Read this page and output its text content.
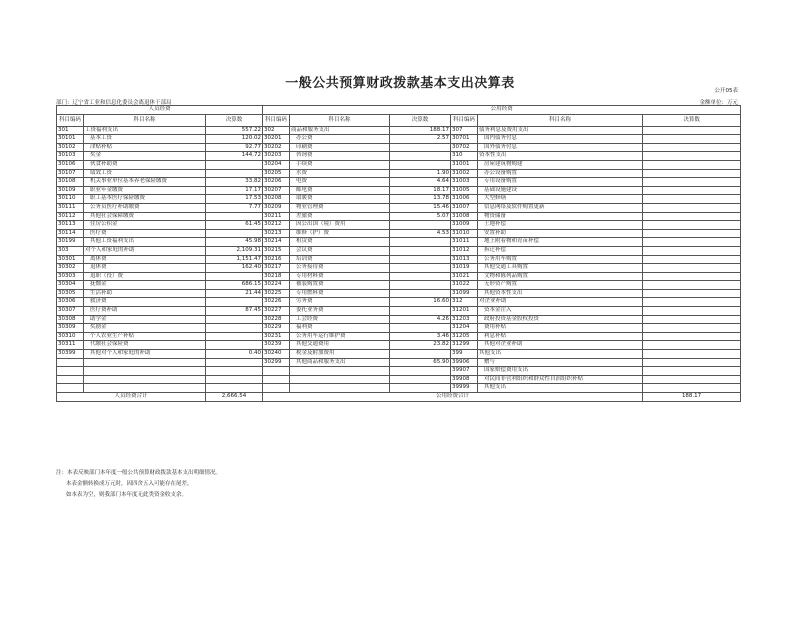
一般公共预算财政拨款基本支出决算表	公开05表
部门：辽宁省工业和信息化委员会离退休干部局	金额单位：万元
人员经费			公用经费					
科目编码	科目名称	决算数	科目编码	科目名称	决算数	科目编码	科目名称	决算数
301	工资福利支出	557.22	302	商品和服务支出	188.17	307	债务利息及费用支出	
30101	基本工资	120.02	30201	办公费	2.57	30701	国内债务付息	
30102	津贴补贴	92.77	30202	印刷费		30702	国外债务付息	
30103	奖金	144.72	30203	咨询费		310	资本性支出	
30106	伙食补助费		30204	手续费		31001	房屋建筑物购建	
30107	绩效工资		30205	水费	1.90	31002	办公设备购置	
30108	机关事业单位基本养老保险缴费	33.82	30206	电费	4.64	31003	专用设备购置	
30109	职业年金缴费	17.17	30207	邮电费	18.17	31005	基础设施建设	
30110	职工基本医疗保险缴费	17.53	30208	取暖费	13.78	31006	大型修缮	
30111	公务员医疗补助缴费	7.77	30209	物业管理费	15.46	31007	信息网络及软件购置更新	
30112	其他社会保障缴费		30211	差旅费	5.07	31008	物资储备	
30113	住房公积金	61.45	30212	因公出国（境）费用		31009	土地补偿	
30114	医疗费		30213	维修（护）费	4.53	31010	安置补助	
30199	其他工资福利支出	45.98	30214	租赁费		31011	地上附着物和青苗补偿	
303	对个人和家庭的补助	2,109.31	30215	会议费		31012	拆迁补偿	
30301	离休费	1,151.47	30216	培训费		31013	公务用车购置	
30302	退休费	162.40	30217	公务接待费		31019	其他交通工具购置	
30303	退职（役）费		30218	专用材料费		31021	文物和陈列品购置	
30304	抚恤金	686.15	30224	被装购置费		31022	无形资产购置	
30305	生活补助	21.44	30225	专用燃料费		31099	其他资本性支出	
30306	救济费		30226	劳务费	16.60	312	对企业补助	
30307	医疗费补助	87.45	30227	委托业务费		31201	资本金注入	
30308	助学金		30228	工会经费	4.26	31203	政府投资基金股权投资	
30309	奖励金		30229	福利费		31204	费用补贴	
30310	个人农业生产补贴		30231	公务用车运行维护费	3.46	31205	利息补贴	
30311	代缴社会保险费		30239	其他交通费用	23.82	31299	其他对企业补助	
30399	其他对个人和家庭的补助	0.40	30240	税金及附加费用		399	其他支出	
			30299	其他商品和服务支出	65.90	39906	赠与	
						39907	国家赔偿费用支出	
						39908	对民间非营利组织和群众性自治组织补贴	
						39999	其他支出	
人员经费合计		2,666.54	公用经费合计					188.17
注：本表反映部门本年度一般公共预算财政拨款基本支出明细情况。
本表金额转换成万元时，因四舍五入可能存在尾差。
如本表为空，则我部门本年度无此类资金收支余。
